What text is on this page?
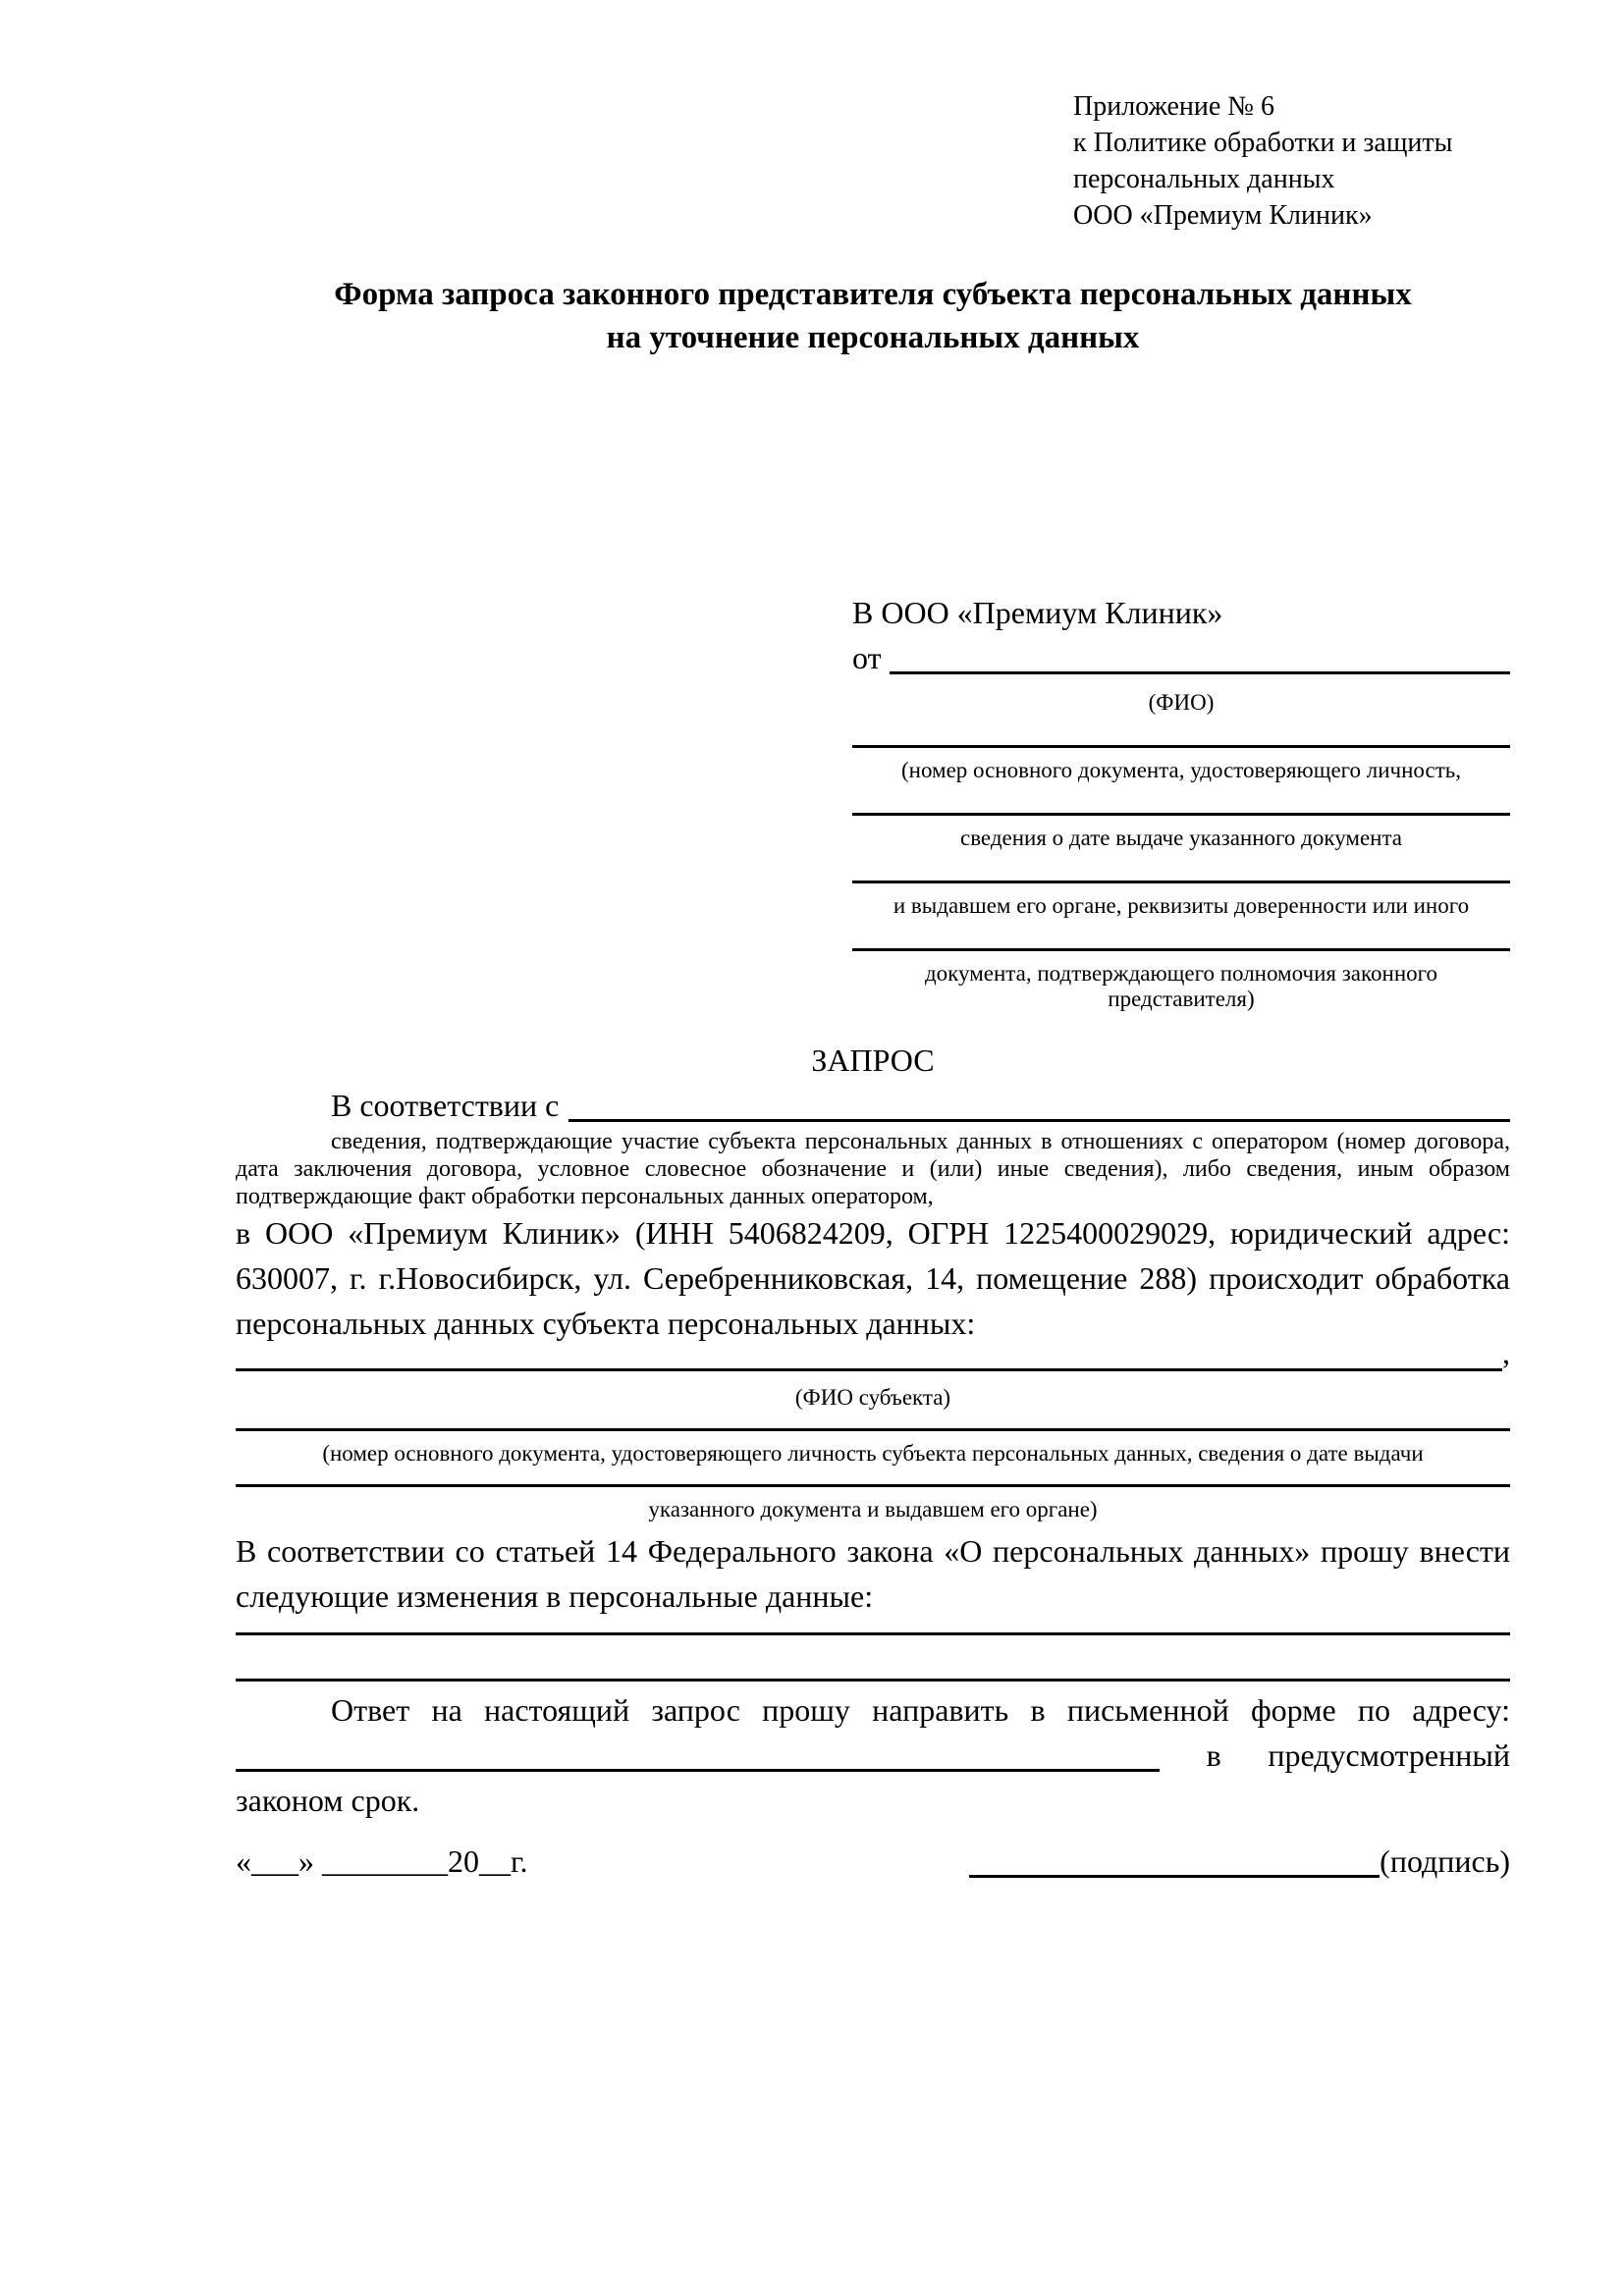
Приложение № 6
к Политике обработки и защиты
персональных данных
ООО «Премиум Клиник»
Форма запроса законного представителя субъекта персональных данных
на уточнение персональных данных
В ООО «Премиум Клиник»
от
(ФИО)
(номер основного документа, удостоверяющего личность,
сведения о дате выдаче указанного документа
и выдавшем его органе, реквизиты доверенности или иного
документа, подтверждающего полномочия законного представителя)
ЗАПРОС
В соответствии с
сведения, подтверждающие участие субъекта персональных данных в отношениях с оператором (номер договора, дата заключения договора, условное словесное обозначение и (или) иные сведения), либо сведения, иным образом подтверждающие факт обработки персональных данных оператором,

в ООО «Премиум Клиник» (ИНН 5406824209, ОГРН 1225400029029, юридический адрес: 630007, г. г.Новосибирск, ул. Серебренниковская, 14, помещение 288) происходит обработка персональных данных субъекта персональных данных:

,
(ФИО субъекта)
(номер основного документа, удостоверяющего личность субъекта персональных данных, сведения о дате выдачи
указанного документа и выдавшем его органе)

В соответствии со статьей 14 Федерального закона «О персональных данных» прошу внести следующие изменения в персональные данные:

Ответ на настоящий запрос прошу направить в письменной форме по адресу:
в предусмотренный
законом срок.
«___» ________20__г.	(подпись)
